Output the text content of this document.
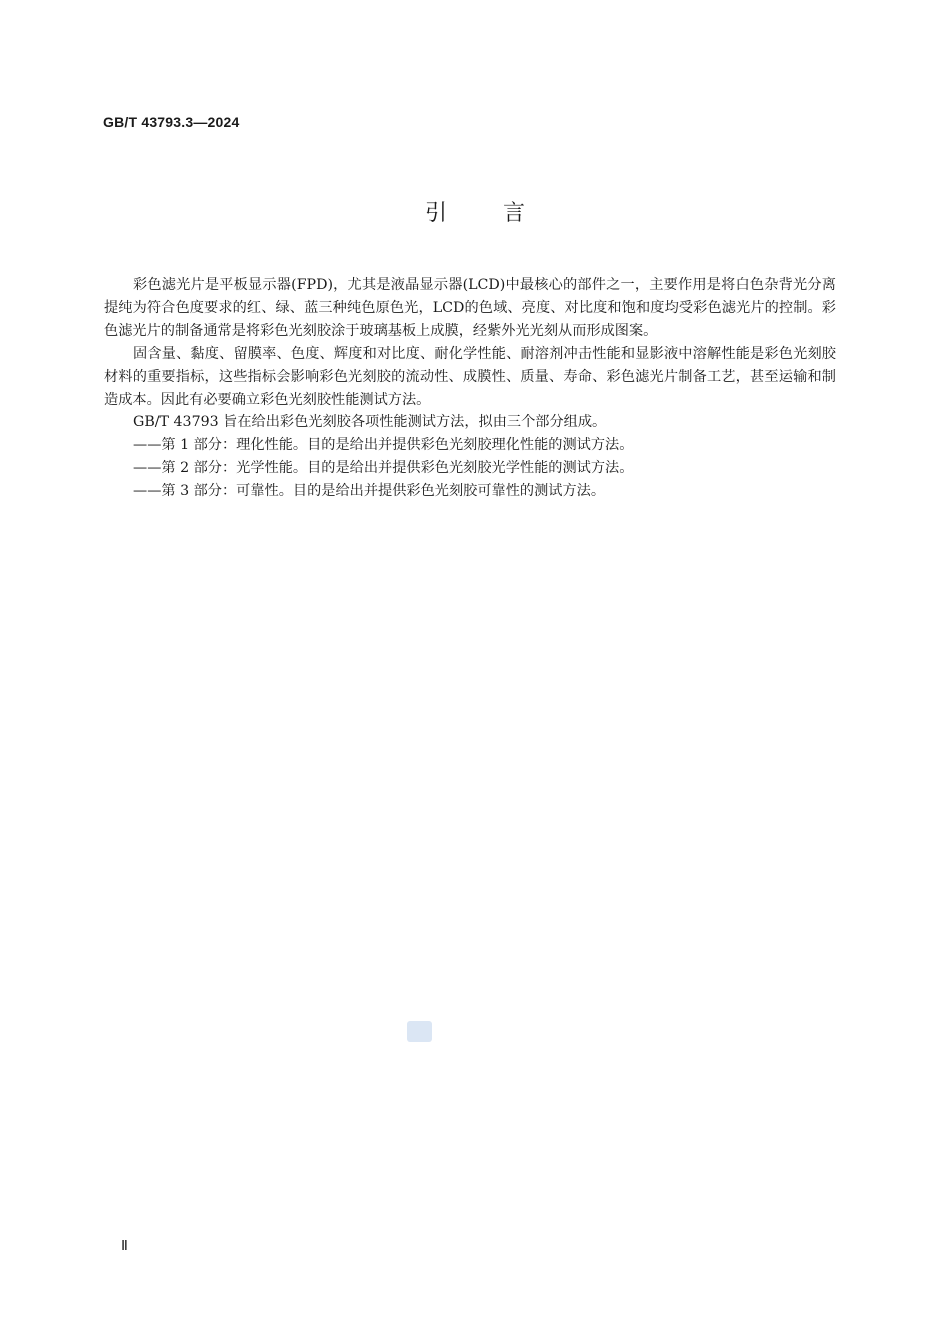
GB/T 43793.3—2024
引言

彩色滤光片是平板显示器(FPD)，尤其是液晶显示器(LCD)中最核心的部件之一，主要作用是将白色杂背光分离提纯为符合色度要求的红、绿、蓝三种纯色原色光，LCD的色域、亮度、对比度和饱和度均受彩色滤光片的控制。彩色滤光片的制备通常是将彩色光刻胶涂于玻璃基板上成膜，经紫外光光刻从而形成图案。

固含量、黏度、留膜率、色度、辉度和对比度、耐化学性能、耐溶剂冲击性能和显影液中溶解性能是彩色光刻胶材料的重要指标，这些指标会影响彩色光刻胶的流动性、成膜性、质量、寿命、彩色滤光片制备工艺，甚至运输和制造成本。因此有必要确立彩色光刻胶性能测试方法。

GB/T 43793 旨在给出彩色光刻胶各项性能测试方法，拟由三个部分组成。

——第 1 部分：理化性能。目的是给出并提供彩色光刻胶理化性能的测试方法。

——第 2 部分：光学性能。目的是给出并提供彩色光刻胶光学性能的测试方法。

——第 3 部分：可靠性。目的是给出并提供彩色光刻胶可靠性的测试方法。

Ⅱ
